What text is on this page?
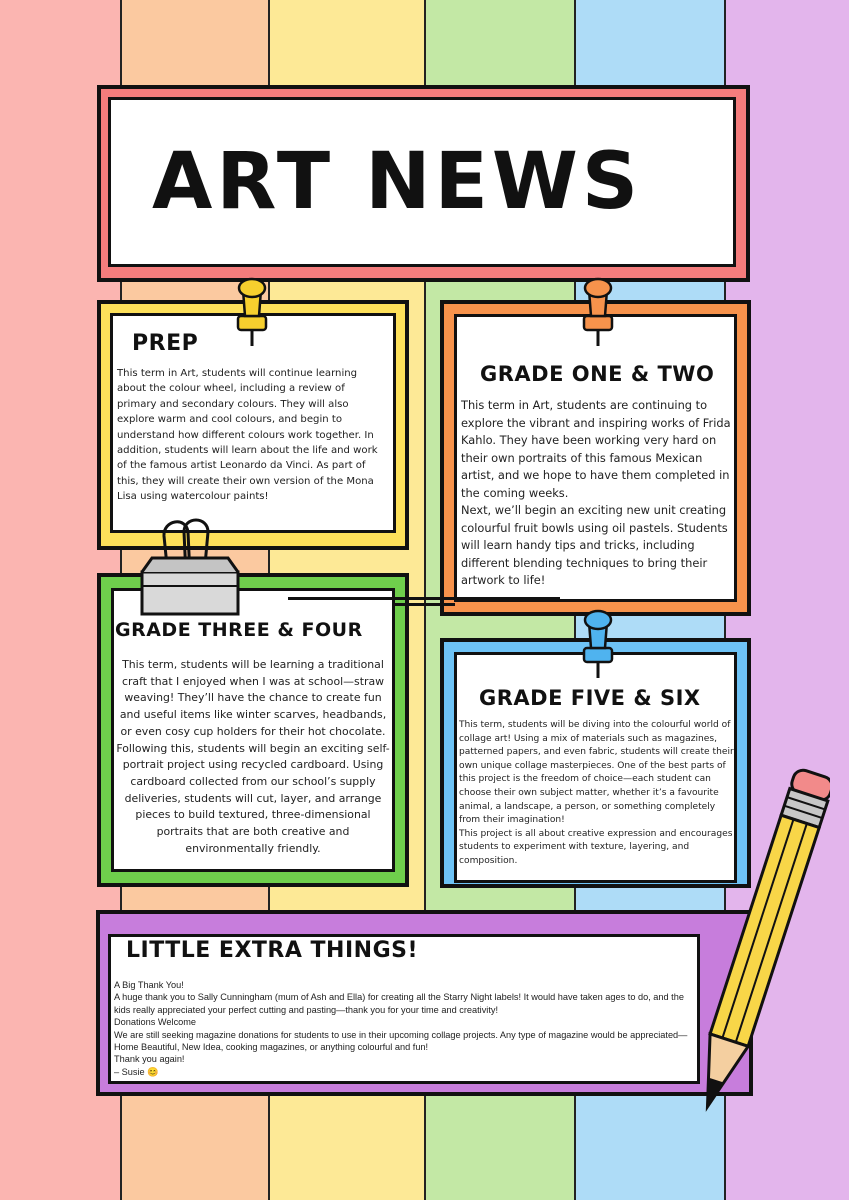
ART NEWS
PREP
This term in Art, students will continue learning about the colour wheel, including a review of primary and secondary colours. They will also explore warm and cool colours, and begin to understand how different colours work together. In addition, students will learn about the life and work of the famous artist Leonardo da Vinci. As part of this, they will create their own version of the Mona Lisa using watercolour paints!
GRADE ONE & TWO

This term in Art, students are continuing to explore the vibrant and inspiring works of Frida Kahlo. They have been working very hard on their own portraits of this famous Mexican artist, and we hope to have them completed in the coming weeks.

Next, we’ll begin an exciting new unit creating colourful fruit bowls using oil pastels. Students will learn handy tips and tricks, including different blending techniques to bring their artwork to life!

GRADE THREE & FOUR
This term, students will be learning a traditional craft that I enjoyed when I was at school—straw weaving! They’ll have the chance to create fun and useful items like winter scarves, headbands, or even cosy cup holders for their hot chocolate. Following this, students will begin an exciting self-portrait project using recycled cardboard. Using cardboard collected from our school’s supply deliveries, students will cut, layer, and arrange pieces to build textured, three-dimensional portraits that are both creative and environmentally friendly.
GRADE FIVE & SIX

This term, students will be diving into the colourful world of collage art! Using a mix of materials such as magazines, patterned papers, and even fabric, students will create their own unique collage masterpieces. One of the best parts of this project is the freedom of choice—each student can choose their own subject matter, whether it’s a favourite animal, a landscape, a person, or something completely from their imagination!

This project is all about creative expression and encourages students to experiment with texture, layering, and composition.

LITTLE EXTRA THINGS!
A Big Thank You!
A huge thank you to Sally Cunningham (mum of Ash and Ella) for creating all the Starry Night labels! It would have taken ages to do, and the kids really appreciated your perfect cutting and pasting—thank you for your time and creativity!
Donations Welcome
We are still seeking magazine donations for students to use in their upcoming collage projects. Any type of magazine would be appreciated—Home Beautiful, New Idea, cooking magazines, or anything colourful and fun!
Thank you again!
– Susie 😊
